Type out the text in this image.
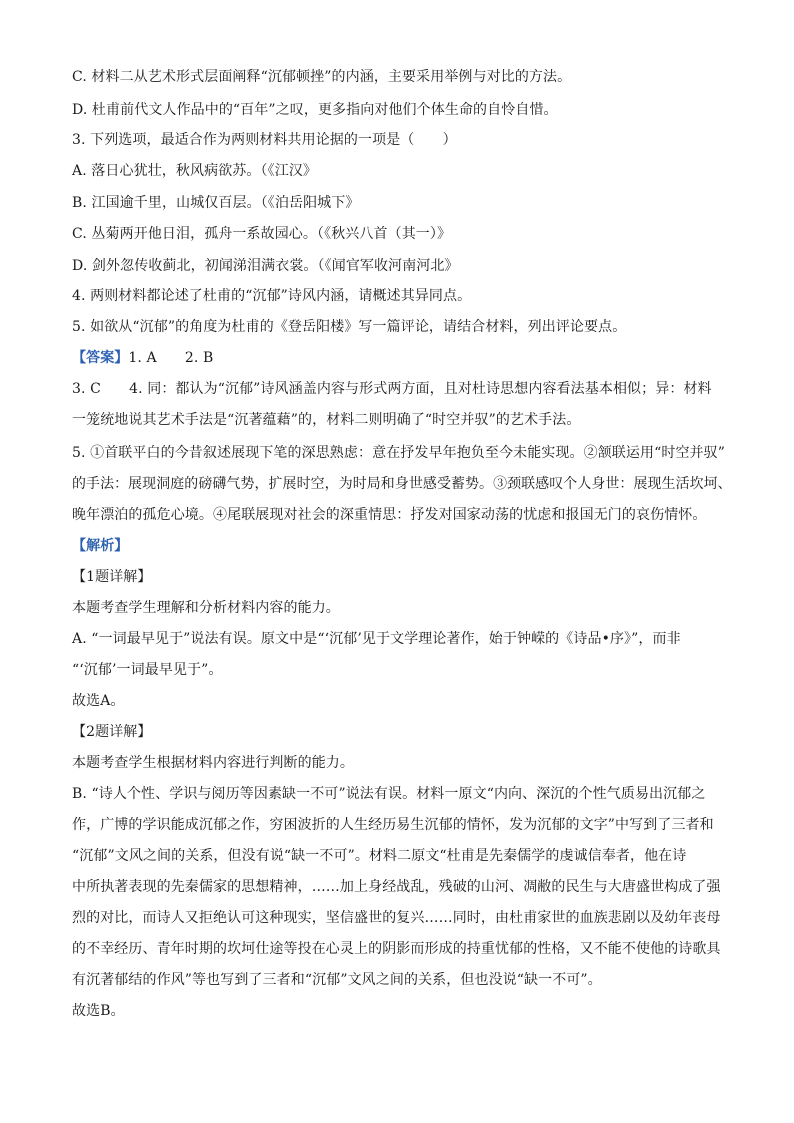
C. 材料二从艺术形式层面阐释“沉郁顿挫”的内涵，主要采用举例与对比的方法。
D. 杜甫前代文人作品中的“百年”之叹，更多指向对他们个体生命的自怜自惜。
3. 下列选项，最适合作为两则材料共用论据的一项是（　　）
A. 落日心犹壮，秋风病欲苏。（《江汉》
B. 江国逾千里，山城仅百层。（《泊岳阳城下》
C. 丛菊两开他日泪，孤舟一系故园心。（《秋兴八首（其一）》
D. 剑外忽传收蓟北，初闻涕泪满衣裳。（《闻官军收河南河北》
4. 两则材料都论述了杜甫的“沉郁”诗风内涵，请概述其异同点。
5. 如欲从“沉郁”的角度为杜甫的《登岳阳楼》写一篇评论，请结合材料，列出评论要点。
【答案】1. A　　2. B
3. C　　4. 同：都认为“沉郁”诗风涵盖内容与形式两方面，且对杜诗思想内容看法基本相似；异：材料
一笼统地说其艺术手法是“沉著蕴藉”的，材料二则明确了“时空并驭”的艺术手法。
5. ①首联平白的今昔叙述展现下笔的深思熟虑：意在抒发早年抱负至今未能实现。②颔联运用“时空并驭”
的手法：展现洞庭的磅礴气势，扩展时空，为时局和身世感受蓄势。③颈联感叹个人身世：展现生活坎坷、
晚年漂泊的孤危心境。④尾联展现对社会的深重情思：抒发对国家动荡的忧虑和报国无门的哀伤情怀。
【解析】
【1题详解】
本题考查学生理解和分析材料内容的能力。
A. “一词最早见于”说法有误。原文中是“‘沉郁’见于文学理论著作，始于钟嵘的《诗品•序》”，而非
“‘沉郁’一词最早见于”。
故选A。
【2题详解】
本题考查学生根据材料内容进行判断的能力。
B. “诗人个性、学识与阅历等因素缺一不可”说法有误。材料一原文“内向、深沉的个性气质易出沉郁之
作，广博的学识能成沉郁之作，穷困波折的人生经历易生沉郁的情怀，发为沉郁的文字”中写到了三者和
“沉郁”文风之间的关系，但没有说“缺一不可”。材料二原文“杜甫是先秦儒学的虔诚信奉者，他在诗
中所执著表现的先秦儒家的思想精神，……加上身经战乱，残破的山河、凋敝的民生与大唐盛世构成了强
烈的对比，而诗人又拒绝认可这种现实，坚信盛世的复兴……同时，由杜甫家世的血族悲剧以及幼年丧母
的不幸经历、青年时期的坎坷仕途等投在心灵上的阴影而形成的持重忧郁的性格，又不能不使他的诗歌具
有沉著郁结的作风”等也写到了三者和“沉郁”文风之间的关系，但也没说“缺一不可”。
故选B。
